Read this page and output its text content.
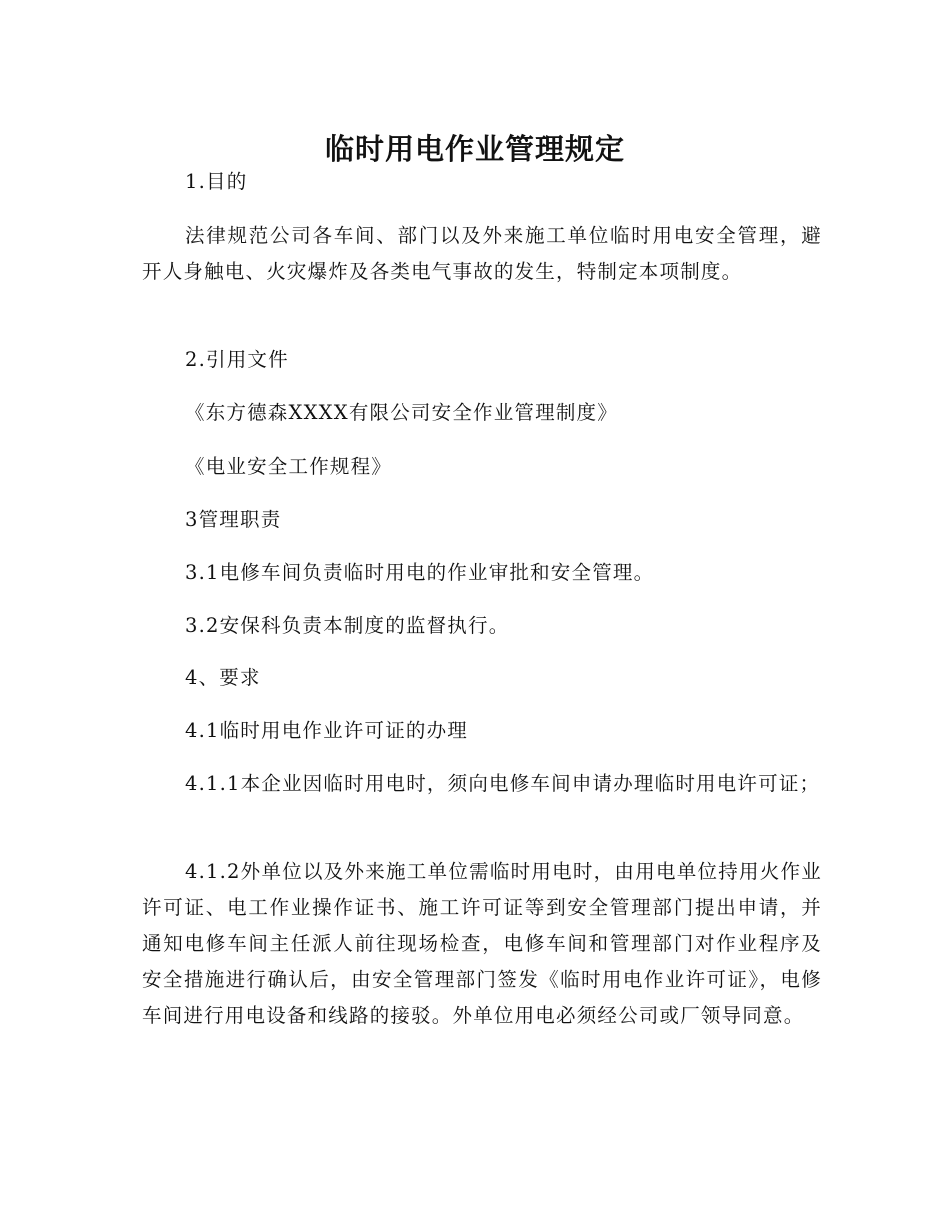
临时用电作业管理规定

1.目的

法律规范公司各车间、部门以及外来施工单位临时用电安全管理，避开人身触电、火灾爆炸及各类电气事故的发生，特制定本项制度。

2.引用文件

《东方德森XXXX有限公司安全作业管理制度》

《电业安全工作规程》

3管理职责

3.1电修车间负责临时用电的作业审批和安全管理。

3.2安保科负责本制度的监督执行。

4、要求

4.1临时用电作业许可证的办理

4.1.1本企业因临时用电时，须向电修车间申请办理临时用电许可证；

4.1.2外单位以及外来施工单位需临时用电时，由用电单位持用火作业许可证、电工作业操作证书、施工许可证等到安全管理部门提出申请，并通知电修车间主任派人前往现场检查，电修车间和管理部门对作业程序及安全措施进行确认后，由安全管理部门签发《临时用电作业许可证》，电修车间进行用电设备和线路的接驳。外单位用电必须经公司或厂领导同意。
